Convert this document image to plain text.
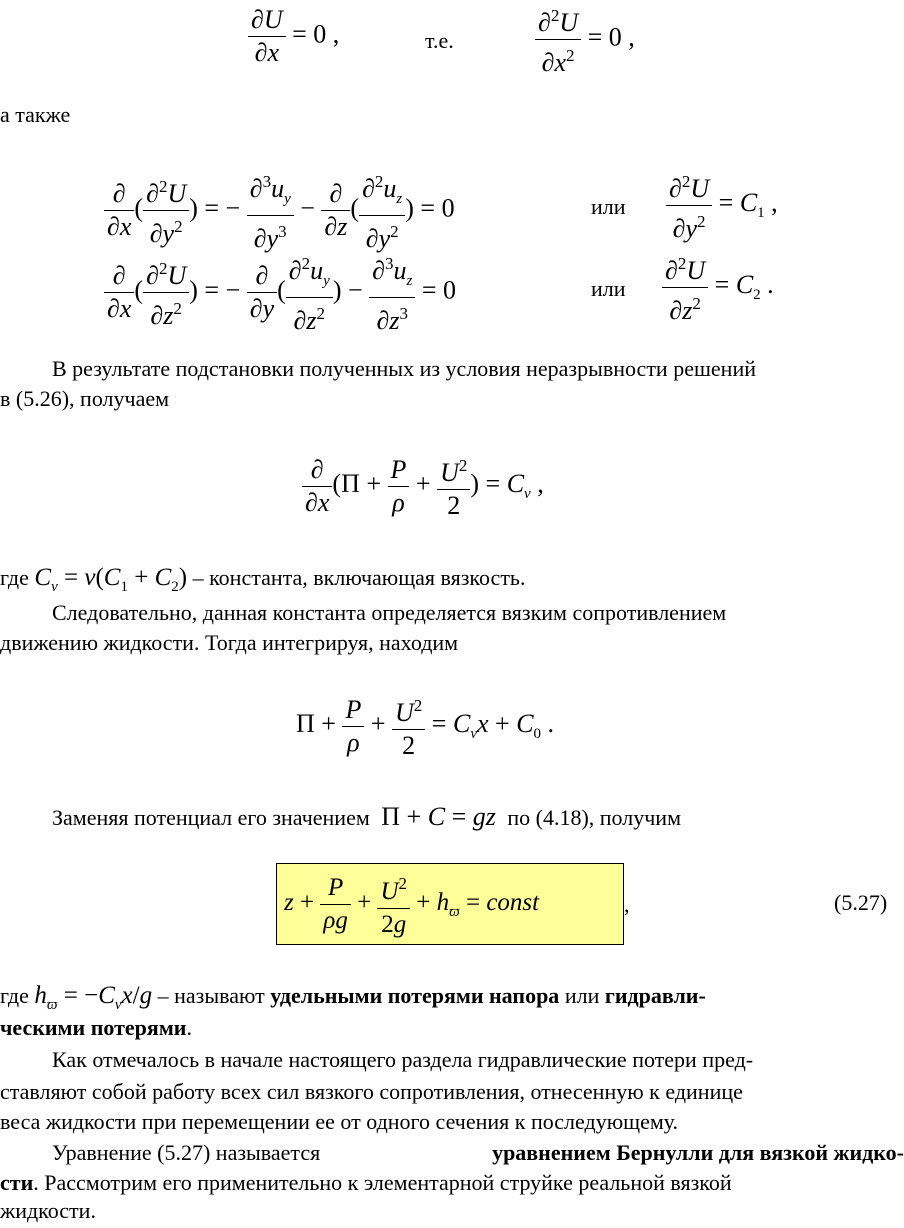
$\frac{\partial U}{\partial x} = 0$ ,	т.е.	$\frac{\partial^2U}{\partial x^2} = 0$ ,
а также
$\frac{\partial}{\partial x}$ ( $\frac{\partial^2U}{\partial y^2}$ ) = − $\frac{\partial^3u_y}{\partial y^3} - \frac{\partial}{\partial z}$ ( $\frac{\partial^2u_z}{\partial y^2}$ ) = 0	или $\frac{\partial^2U}{\partial y^2} = C_1$ ,
$\frac{\partial}{\partial x}$ ( $\frac{\partial^2U}{\partial z^2}$ ) = − $\frac{\partial}{\partial y}$ ( $\frac{\partial^2u_y}{\partial z^2}$ ) − $\frac{\partial^3u_z}{\partial z^3} = 0$	или $\frac{\partial^2U}{\partial z^2} = C_2$ .
В результате подстановки полученных из условия неразрывности решений
в (5.26), получаем
$\frac{\partial}{\partial x} (\Pi + \frac{P}{\rho} + \frac{U^2}{2}$ ) = $C_\nu$ ,
где $C_\nu = \nu(C_1 + C_2)$ – константа, включающая вязкость.
Следовательно, данная константа определяется вязким сопротивлением
движению жидкости. Тогда интегрируя, находим
$\Pi + \frac{P}{\rho} + \frac{U^2}{2} = C_\nu x + C_0$ .
Заменяя потенциал его значением Π + C = gz по (4.18), получим
$z + \frac{P}{\rho g} + \frac{U^2}{2g} + h_ϖ$ = const	,	(5.27)
где $h_ϖ = -C_\nu x/g$ – называют удельными потерями напора или гидравли-
ческими потерями.
Как отмечалось в начале настоящего раздела гидравлические потери пред-
ставляют собой работу всех сил вязкого сопротивления, отнесенную к единице
веса жидкости при перемещении ее от одного сечения к последующему.
Уравнение (5.27) называется	уравнением Бернулли для вязкой жидко-
сти. Рассмотрим его применительно к элементарной струйке реальной вязкой
жидкости.
